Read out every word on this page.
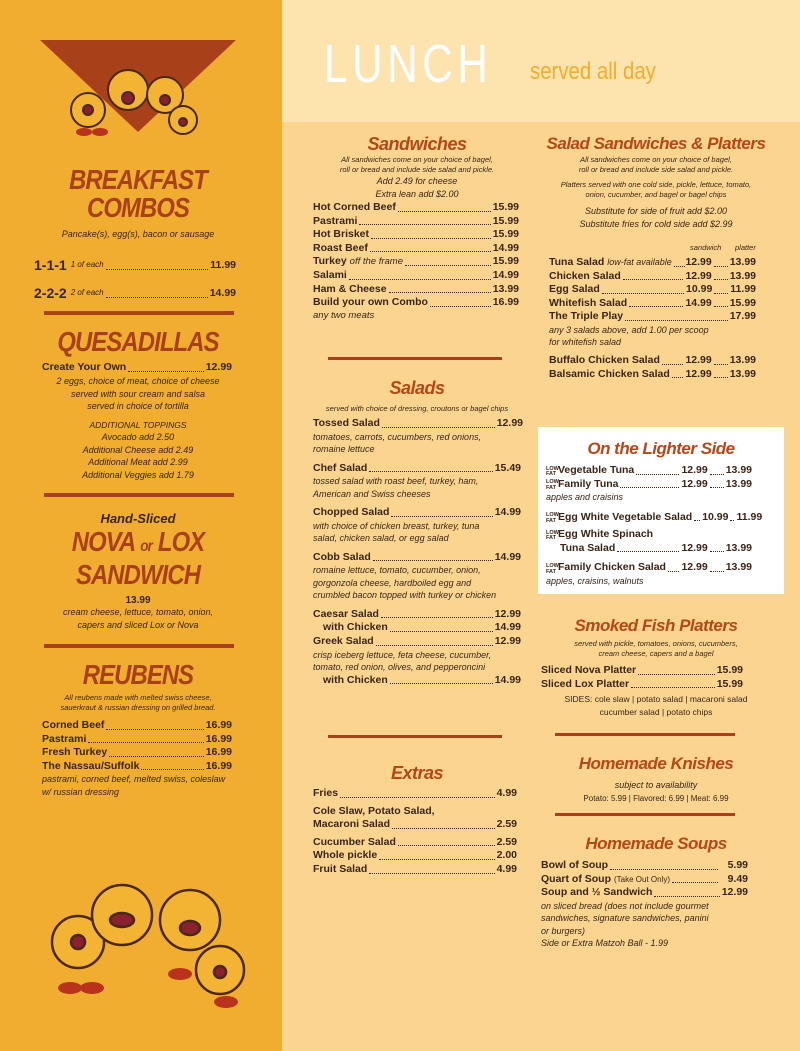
LUNCH served all day
BREAKFAST
COMBOS
Pancake(s), egg(s), bacon or sausage
1-1-1 1 of each	11.99
2-2-2 2 of each	14.99
QUESADILLAS
Create Your Own	12.99
2 eggs, choice of meat, choice of cheese
served with sour cream and salsa
served in choice of tortilla
ADDITIONAL TOPPINGS
Avocado add 2.50
Additional Cheese add 2.49
Additional Meat add 2.99
Additional Veggies add 1.79
Hand-Sliced
NOVA or LOX
SANDWICH
13.99
cream cheese, lettuce, tomato, onion,
capers and sliced Lox or Nova
REUBENS
All reubens made with melted swiss cheese,
sauerkraut & russian dressing on grilled bread.
Corned Beef	16.99
Pastrami	16.99
Fresh Turkey	16.99
The Nassau/Suffolk	16.99
pastrami, corned beef, melted swiss, coleslaw
w/ russian dressing
Sandwiches
All sandwiches come on your choice of bagel,
roll or bread and include side salad and pickle.
Add 2.49 for cheese
Extra lean add $2.00
Hot Corned Beef	15.99
Pastrami	15.99
Hot Brisket	15.99
Roast Beef	14.99
Turkey off the frame	15.99
Salami	14.99
Ham & Cheese	13.99
Build your own Combo	16.99
any two meats
Salads
served with choice of dressing, croutons or bagel chips
Tossed Salad	12.99
tomatoes, carrots, cucumbers, red onions,
romaine lettuce
Chef Salad	15.49
tossed salad with roast beef, turkey, ham,
American and Swiss cheeses
Chopped Salad	14.99
with choice of chicken breast, turkey, tuna
salad, chicken salad, or egg salad
Cobb Salad	14.99
romaine lettuce, tomato, cucumber, onion,
gorgonzola cheese, hardboiled egg and
crumbled bacon topped with turkey or chicken
Caesar Salad	12.99
with Chicken	14.99
Greek Salad	12.99
crisp iceberg lettuce, feta cheese, cucumber,
tomato, red onion, olives, and pepperoncini
with Chicken	14.99
Extras
Fries	4.99
Cole Slaw, Potato Salad,
Macaroni Salad	2.59
Cucumber Salad	2.59
Whole pickle	2.00
Fruit Salad	4.99
Salad Sandwiches & Platters
All sandwiches come on your choice of bagel,
roll or bread and include side salad and pickle.
Platters served with one cold side, pickle, lettuce, tomato,
onion, cucumber, and bagel or bagel chips
Substitute for side of fruit add $2.00
Substitute fries for cold side add $2.99
sandwich platter
Tuna Salad low-fat available 12.99 13.99
Chicken Salad	12.99 13.99
Egg Salad	10.99 11.99
Whitefish Salad	14.99 15.99
The Triple Play	17.99
any 3 salads above, add 1.00 per scoop
for whitefish salad
Buffalo Chicken Salad 12.99 13.99
Balsamic Chicken Salad 12.99 13.99
On the Lighter Side
LOW
FAT Vegetable Tuna	12.99 13.99
LOW
FAT Family Tuna	12.99 13.99
apples and craisins
LOW
FAT Egg White Vegetable Salad 10.99 11.99
LOW
FAT Egg White Spinach
Tuna Salad	12.99 13.99
LOW
FAT Family Chicken Salad 12.99 13.99
apples, craisins, walnuts
Smoked Fish Platters
served with pickle, tomatoes, onions, cucumbers,
cream cheese, capers and a bagel
Sliced Nova Platter	15.99
Sliced Lox Platter	15.99
SIDES: cole slaw | potato salad | macaroni salad
cucumber salad | potato chips
Homemade Knishes
subject to availability
Potato: 5.99 | Flavored: 6.99 | Meat: 6.99
Homemade Soups
Bowl of Soup	5.99
Quart of Soup (Take Out Only)	9.49
Soup and ½ Sandwich	12.99
on sliced bread (does not include gourmet
sandwiches, signature sandwiches, panini
or burgers)
Side or Extra Matzoh Ball - 1.99
